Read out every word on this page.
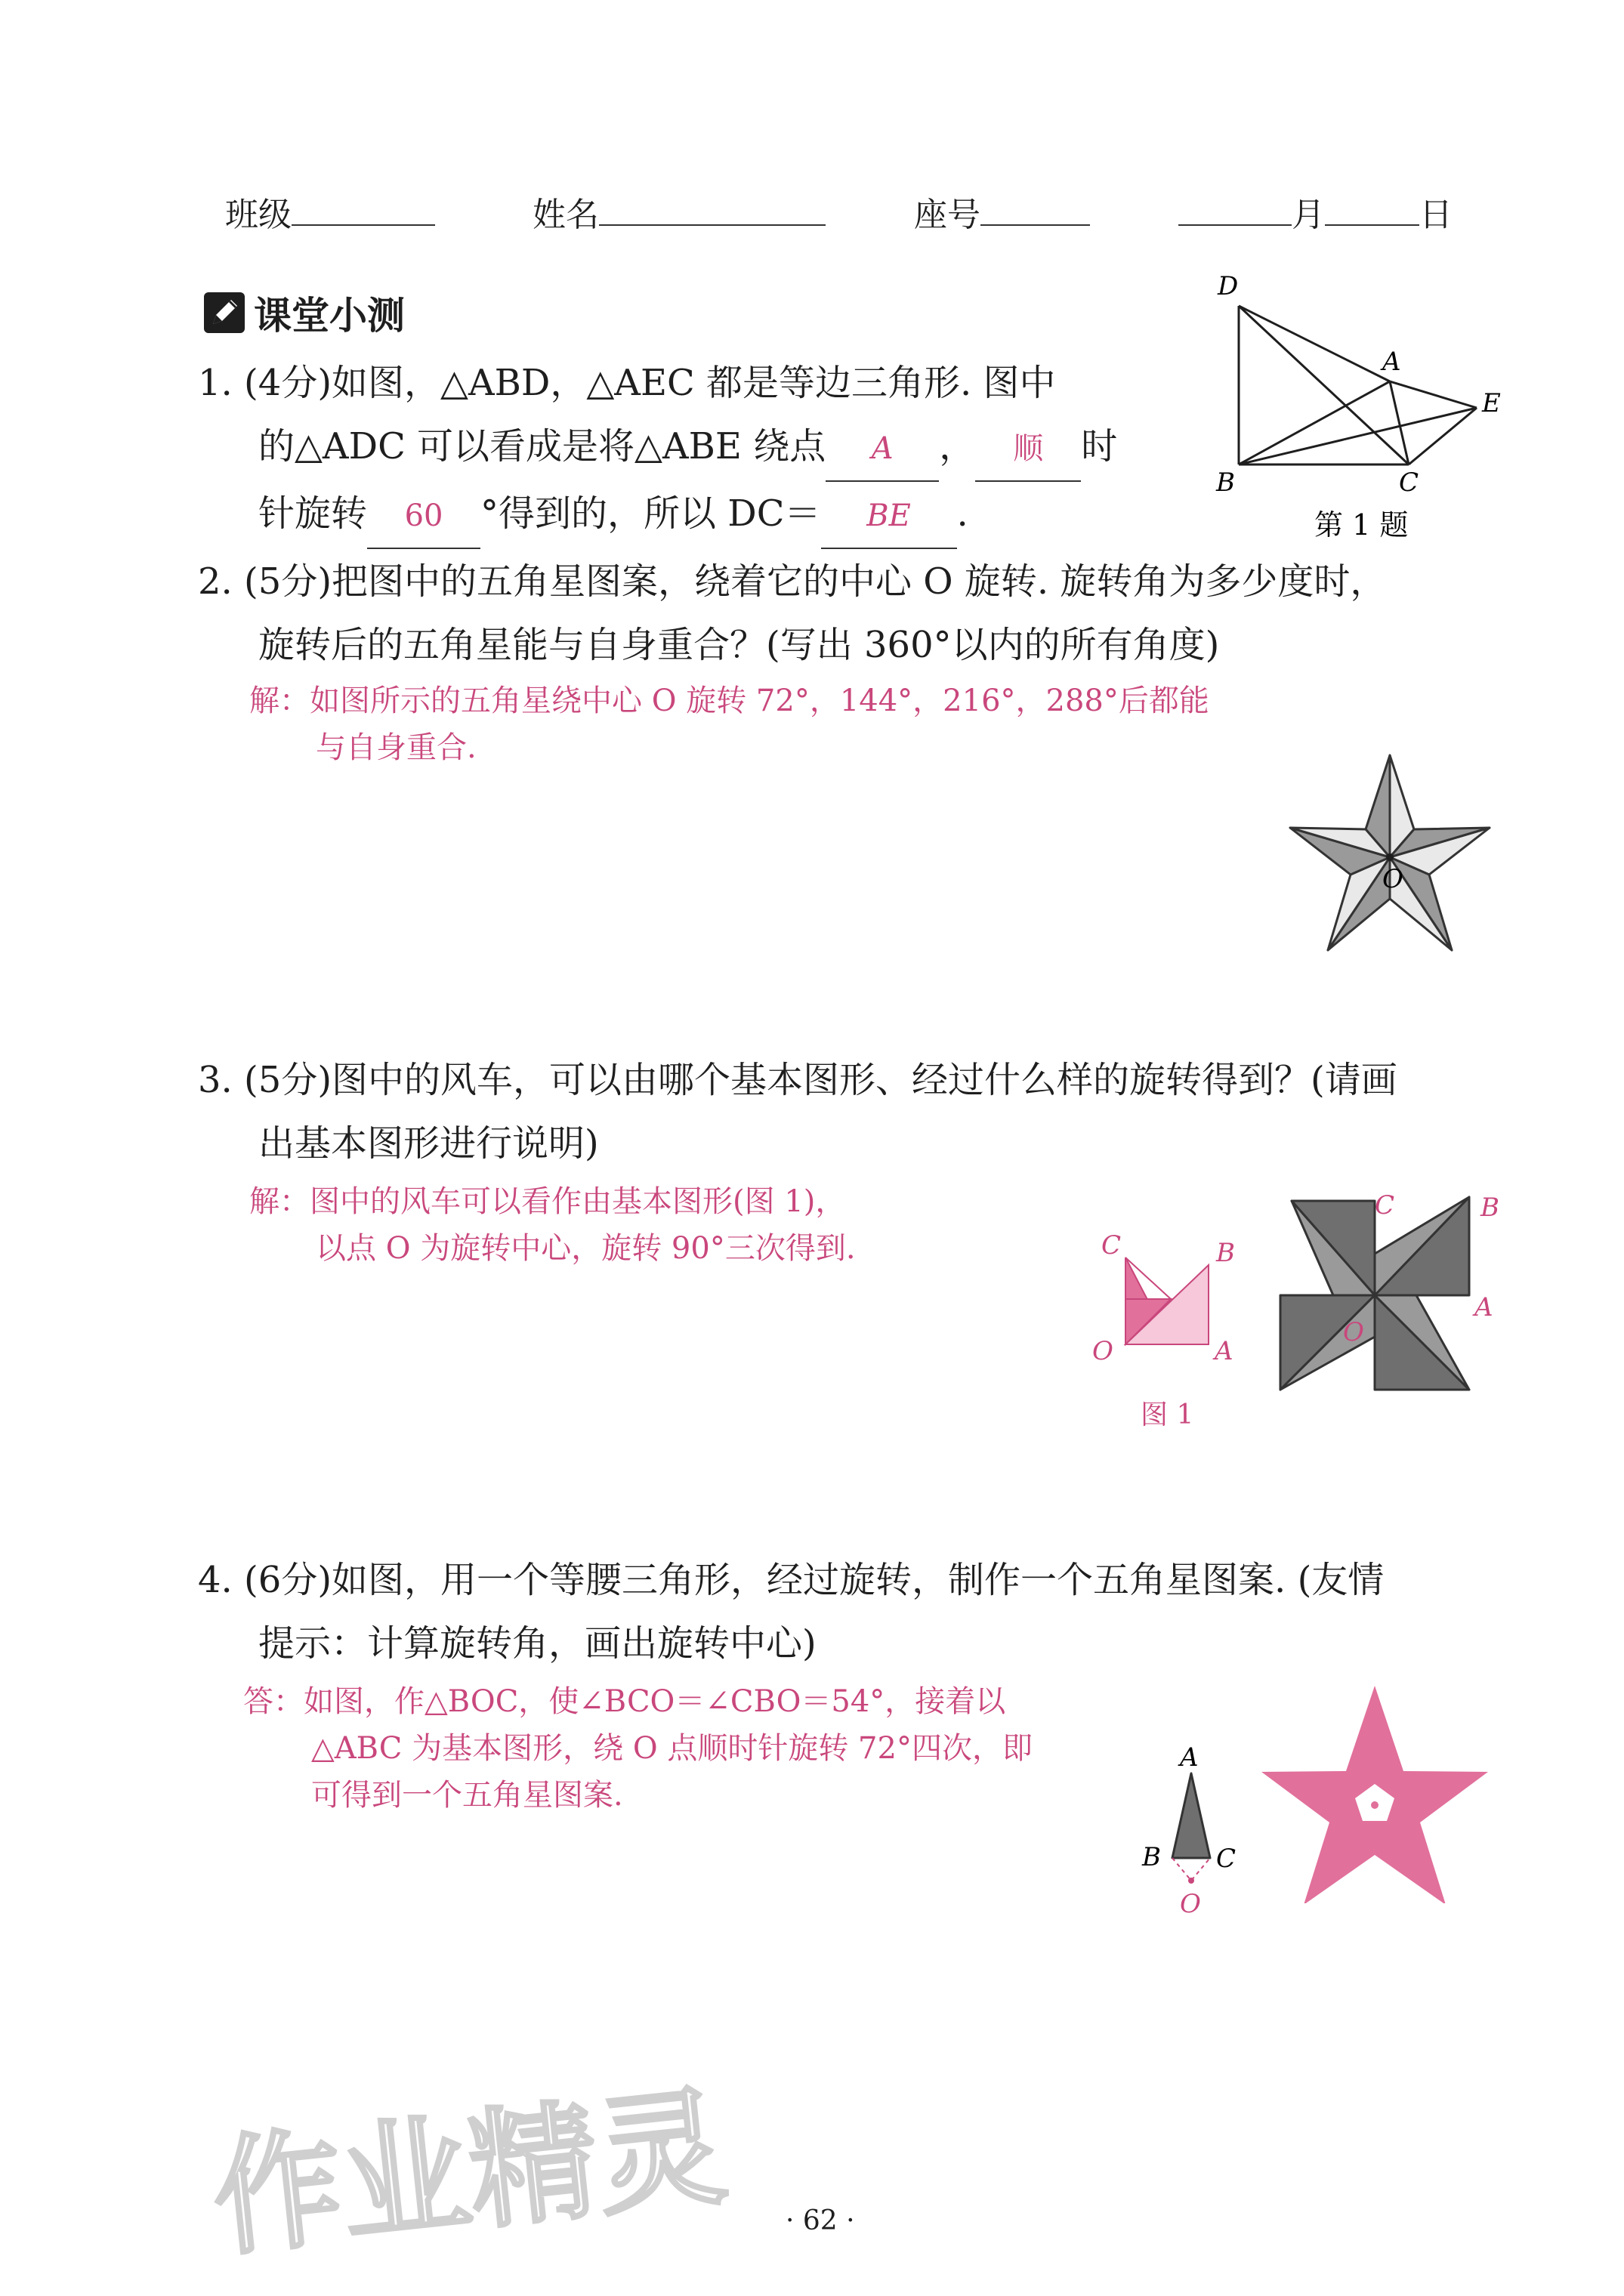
班级	姓名	座号	月	日
课堂小测
1. (4分)如图，△ABD，△AEC 都是等边三角形. 图中
的△ADC 可以看成是将△ABE 绕点 A ， 顺 时
针旋转 60 °得到的，所以 DC＝ BE .
D
A
E
B	C
第 1 题
2. (5分)把图中的五角星图案，绕着它的中心 O 旋转. 旋转角为多少度时，
旋转后的五角星能与自身重合？(写出 360°以内的所有角度)
解：如图所示的五角星绕中心 O 旋转 72°，144°，216°，288°后都能
与自身重合.
O
3. (5分)图中的风车，可以由哪个基本图形、经过什么样的旋转得到？(请画
出基本图形进行说明)
解：图中的风车可以看作由基本图形(图 1)，
以点 O 为旋转中心，旋转 90°三次得到.	C	B
O	A
图 1
C	B
A
O
4. (6分)如图，用一个等腰三角形，经过旋转，制作一个五角星图案. (友情
提示：计算旋转角，画出旋转中心)
答：如图，作△BOC，使∠BCO＝∠CBO＝54°，接着以
△ABC 为基本图形，绕 O 点顺时针旋转 72°四次，即
可得到一个五角星图案.
A
B C
O
作业精灵 · 62 ·
